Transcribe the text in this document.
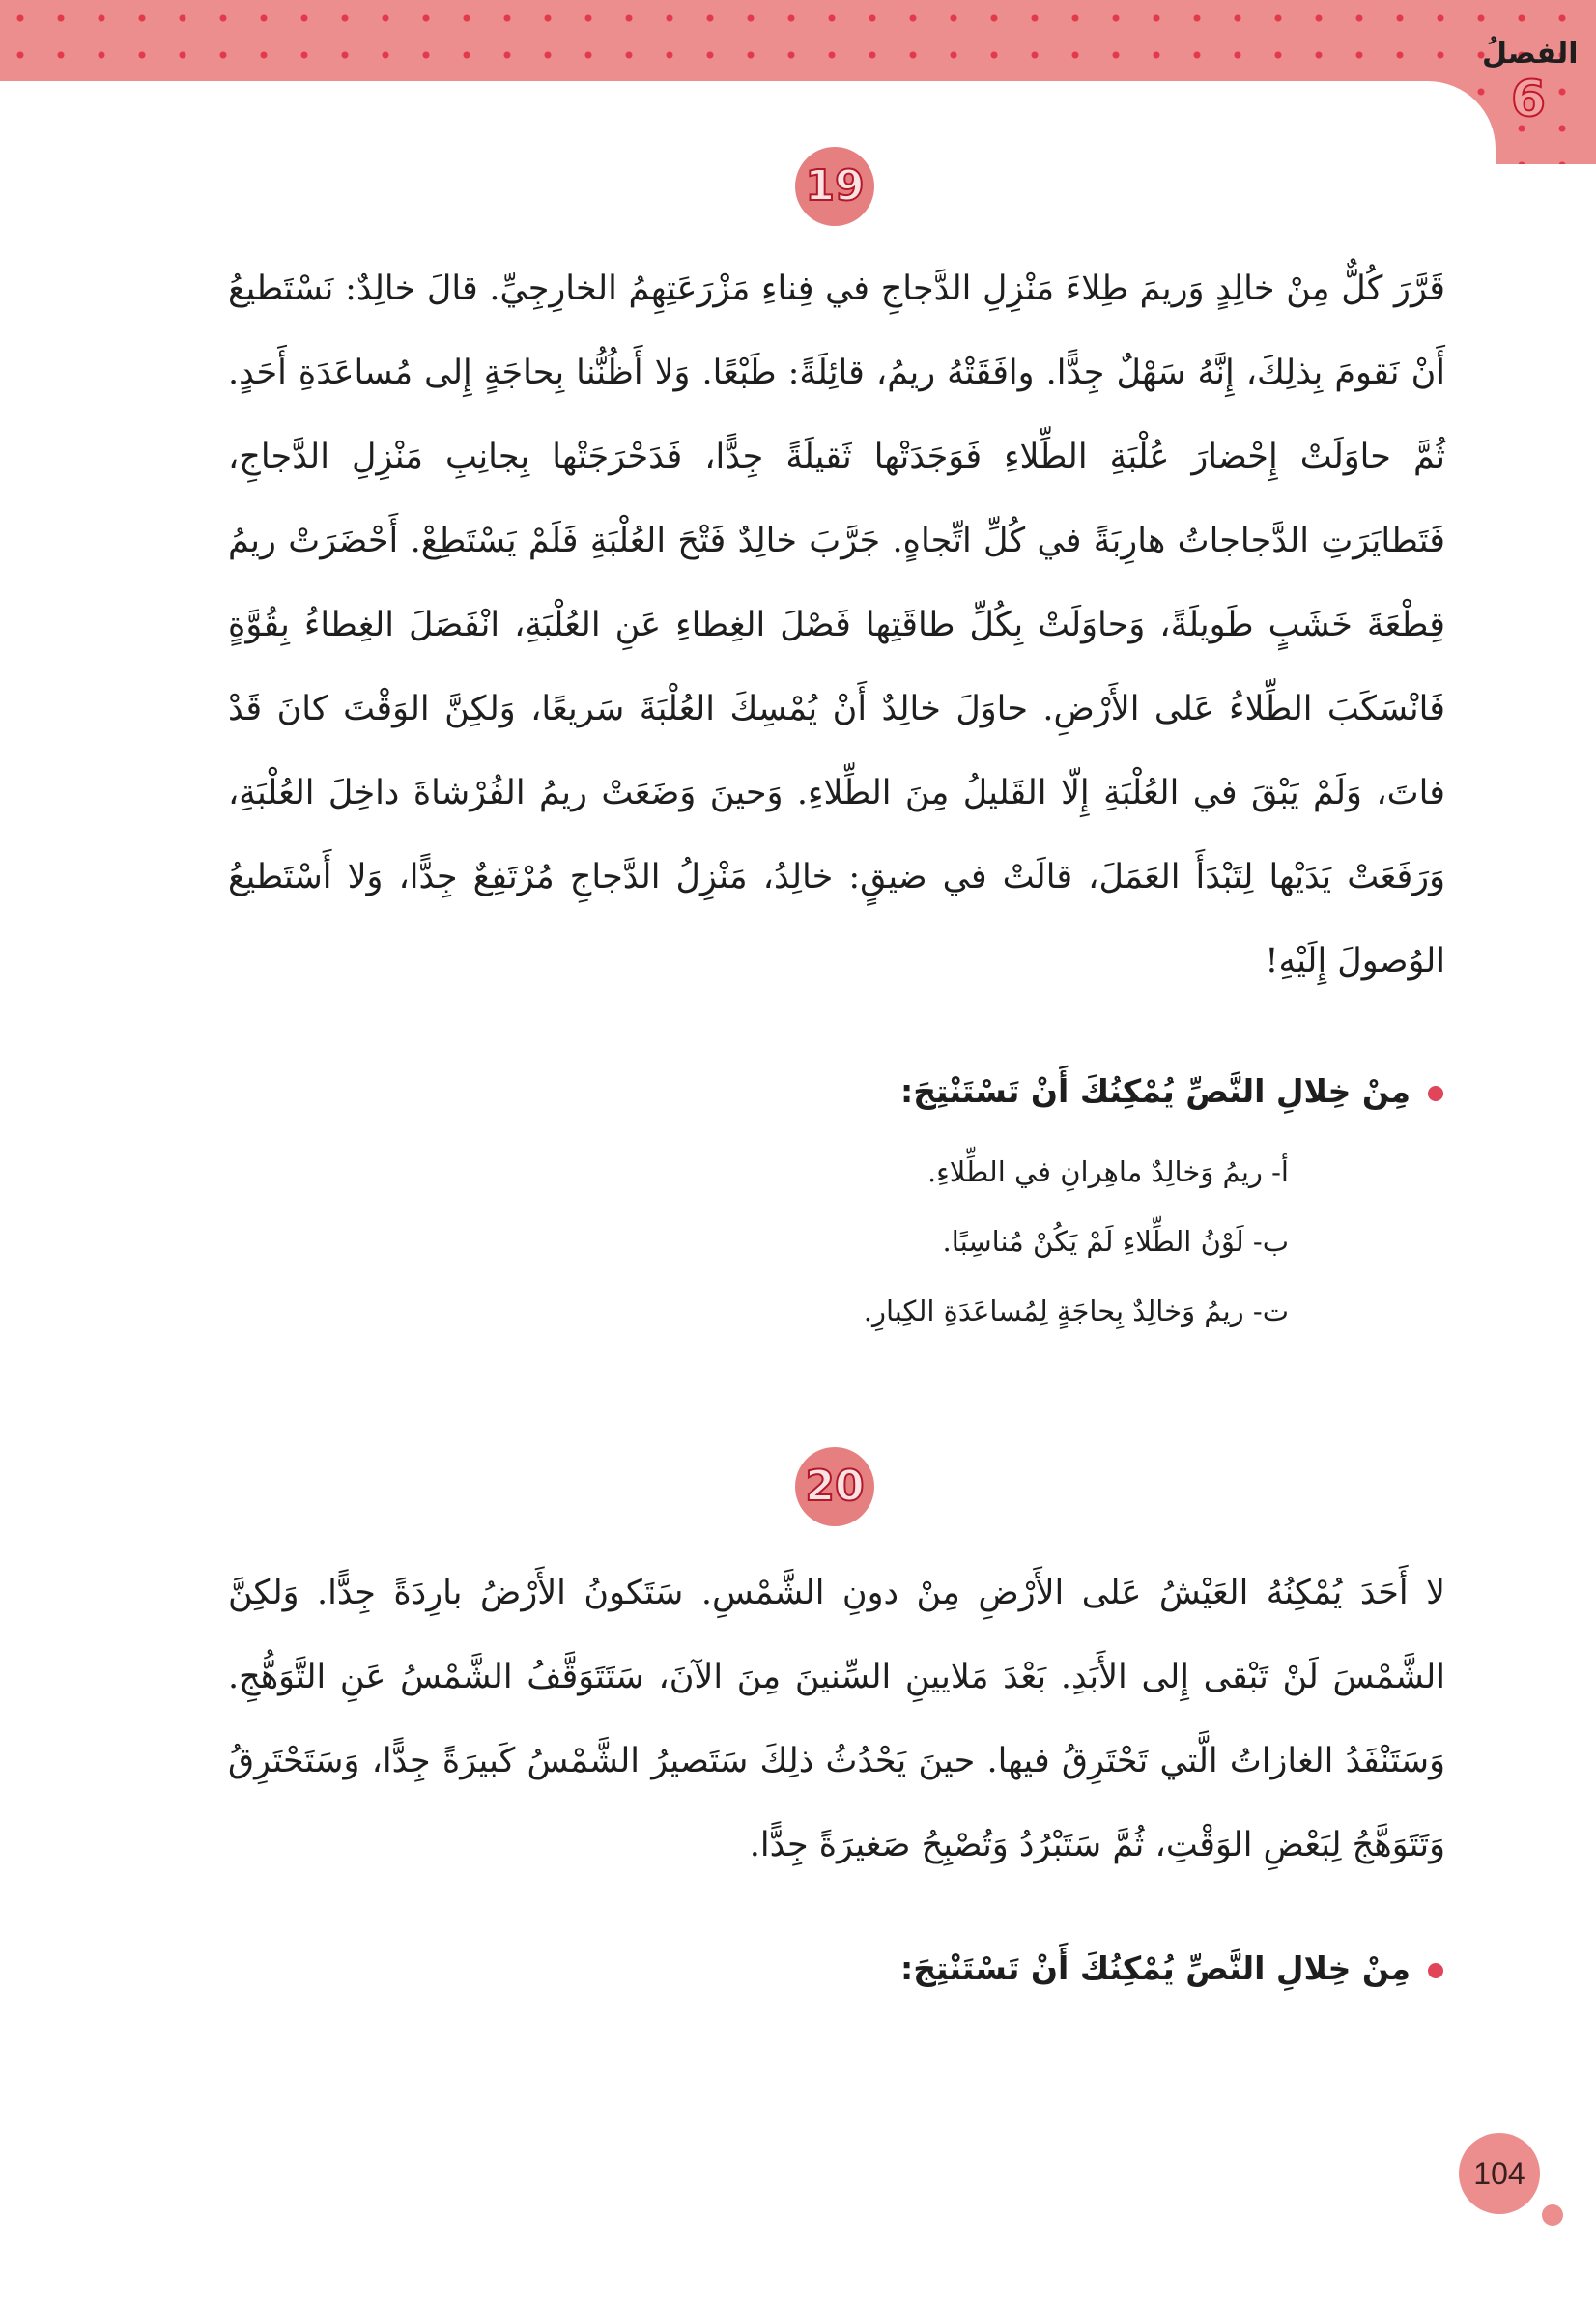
الفصلُ
6
19
قَرَّرَ كُلٌّ مِنْ خالِدٍ وَريمَ طِلاءَ مَنْزِلِ الدَّجاجِ في فِناءِ مَزْرَعَتِهِمُ الخارِجِيِّ. قالَ خالِدٌ: نَسْتَطيعُ أَنْ نَقومَ بِذلِكَ، إِنَّهُ سَهْلٌ جِدًّا. وافَقَتْهُ ريمُ، قائِلَةً: طَبْعًا. وَلا أَظُنُّنا بِحاجَةٍ إِلى مُساعَدَةِ أَحَدٍ. ثُمَّ حاوَلَتْ إِحْضارَ عُلْبَةِ الطِّلاءِ فَوَجَدَتْها ثَقيلَةً جِدًّا، فَدَحْرَجَتْها بِجانِبِ مَنْزِلِ الدَّجاجِ، فَتَطايَرَتِ الدَّجاجاتُ هارِبَةً في كُلِّ اتِّجاهٍ. جَرَّبَ خالِدٌ فَتْحَ العُلْبَةِ فَلَمْ يَسْتَطِعْ. أَحْضَرَتْ ريمُ قِطْعَةَ خَشَبٍ طَويلَةً، وَحاوَلَتْ بِكُلِّ طاقَتِها فَصْلَ الغِطاءِ عَنِ العُلْبَةِ، انْفَصَلَ الغِطاءُ بِقُوَّةٍ فَانْسَكَبَ الطِّلاءُ عَلى الأَرْضِ. حاوَلَ خالِدٌ أَنْ يُمْسِكَ العُلْبَةَ سَريعًا، وَلكِنَّ الوَقْتَ كانَ قَدْ فاتَ، وَلَمْ يَبْقَ في العُلْبَةِ إِلّا القَليلُ مِنَ الطِّلاءِ. وَحينَ وَضَعَتْ ريمُ الفُرْشاةَ داخِلَ العُلْبَةِ، وَرَفَعَتْ يَدَيْها لِتَبْدَأَ العَمَلَ، قالَتْ في ضيقٍ: خالِدُ، مَنْزِلُ الدَّجاجِ مُرْتَفِعٌ جِدًّا، وَلا أَسْتَطيعُ الوُصولَ إِلَيْهِ!
مِنْ خِلالِ النَّصِّ يُمْكِنُكَ أَنْ تَسْتَنْتِجَ:
أ- ريمُ وَخالِدٌ ماهِرانِ في الطِّلاءِ.
ب- لَوْنُ الطِّلاءِ لَمْ يَكُنْ مُناسِبًا.
ت- ريمُ وَخالِدٌ بِحاجَةٍ لِمُساعَدَةِ الكِبارِ.
20
لا أَحَدَ يُمْكِنُهُ العَيْشُ عَلى الأَرْضِ مِنْ دونِ الشَّمْسِ. سَتَكونُ الأَرْضُ بارِدَةً جِدًّا. وَلكِنَّ الشَّمْسَ لَنْ تَبْقى إِلى الأَبَدِ. بَعْدَ مَلايينِ السِّنينَ مِنَ الآنَ، سَتَتَوَقَّفُ الشَّمْسُ عَنِ التَّوَهُّجِ. وَسَتَنْفَدُ الغازاتُ الَّتي تَحْتَرِقُ فيها. حينَ يَحْدُثُ ذلِكَ سَتَصيرُ الشَّمْسُ كَبيرَةً جِدًّا، وَسَتَحْتَرِقُ وَتَتَوَهَّجُ لِبَعْضِ الوَقْتِ، ثُمَّ سَتَبْرُدُ وَتُصْبِحُ صَغيرَةً جِدًّا.
مِنْ خِلالِ النَّصِّ يُمْكِنُكَ أَنْ تَسْتَنْتِجَ:
104
